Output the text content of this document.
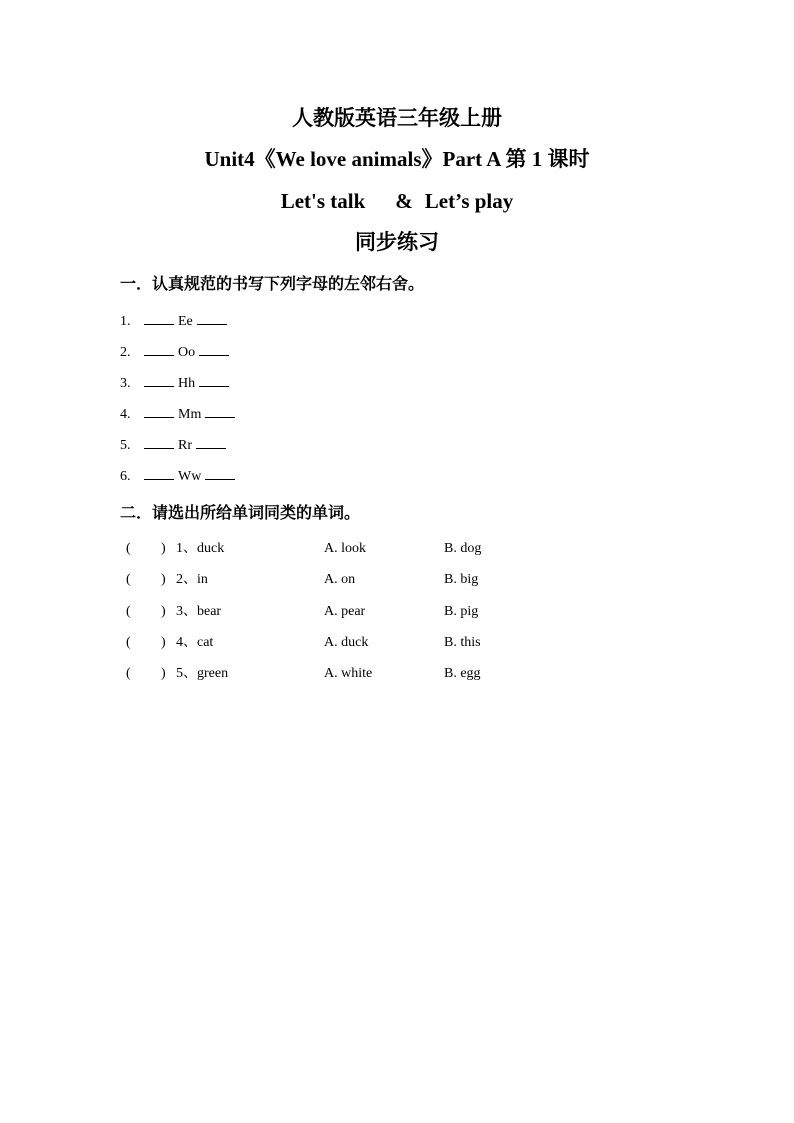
人教版英语三年级上册
Unit4《We love animals》Part A 第 1 课时
Let's talk & Let’s play
同步练习
一．认真规范的书写下列字母的左邻右舍。
1.	Ee
2.	Oo
3.	Hh
4.	Mm
5.	Rr
6.	Ww
二．请选出所给单词同类的单词。
( ) 1、duck	A. look	B. dog
( ) 2、in	A. on	B. big
( ) 3、bear	A. pear	B. pig
( ) 4、cat	A. duck	B. this
( ) 5、green	A. white	B. egg
